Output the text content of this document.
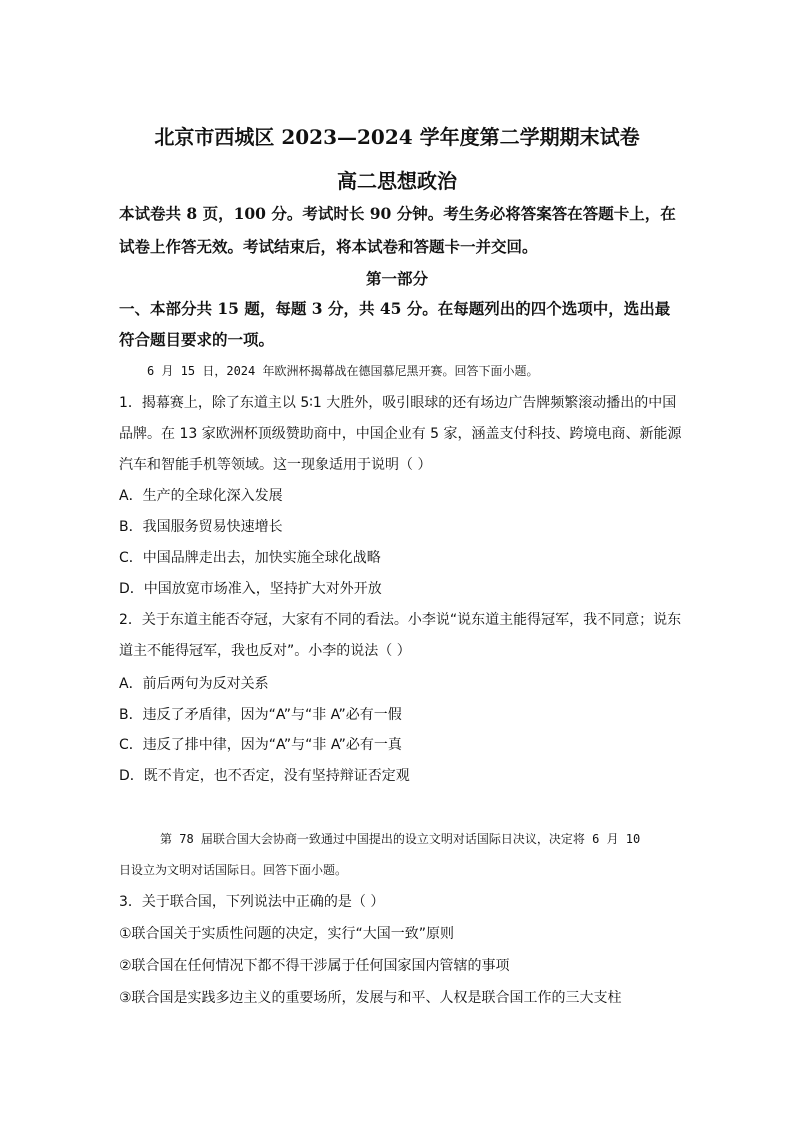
北京市西城区 2023—2024 学年度第二学期期末试卷
高二思想政治
本试卷共 8 页，100 分。考试时长 90 分钟。考生务必将答案答在答题卡上，在
试卷上作答无效。考试结束后，将本试卷和答题卡一并交回。
第一部分
一、本部分共 15 题，每题 3 分，共 45 分。在每题列出的四个选项中，选出最
符合题目要求的一项。
6 月 15 日，2024 年欧洲杯揭幕战在德国慕尼黑开赛。回答下面小题。
1．揭幕赛上，除了东道主以 5∶1 大胜外，吸引眼球的还有场边广告牌频繁滚动播出的中国
品牌。在 13 家欧洲杯顶级赞助商中，中国企业有 5 家，涵盖支付科技、跨境电商、新能源
汽车和智能手机等领域。这一现象适用于说明（ ）
A．生产的全球化深入发展
B．我国服务贸易快速增长
C．中国品牌走出去，加快实施全球化战略
D．中国放宽市场准入，坚持扩大对外开放
2．关于东道主能否夺冠，大家有不同的看法。小李说“说东道主能得冠军，我不同意；说东
道主不能得冠军，我也反对”。小李的说法（ ）
A．前后两句为反对关系
B．违反了矛盾律，因为“A”与“非 A”必有一假
C．违反了排中律，因为“A”与“非 A”必有一真
D．既不肯定，也不否定，没有坚持辩证否定观
第 78 届联合国大会协商一致通过中国提出的设立文明对话国际日决议，决定将 6 月 10
日设立为文明对话国际日。回答下面小题。
3．关于联合国，下列说法中正确的是（ ）
①联合国关于实质性问题的决定，实行“大国一致”原则
②联合国在任何情况下都不得干涉属于任何国家国内管辖的事项
③联合国是实践多边主义的重要场所，发展与和平、人权是联合国工作的三大支柱
